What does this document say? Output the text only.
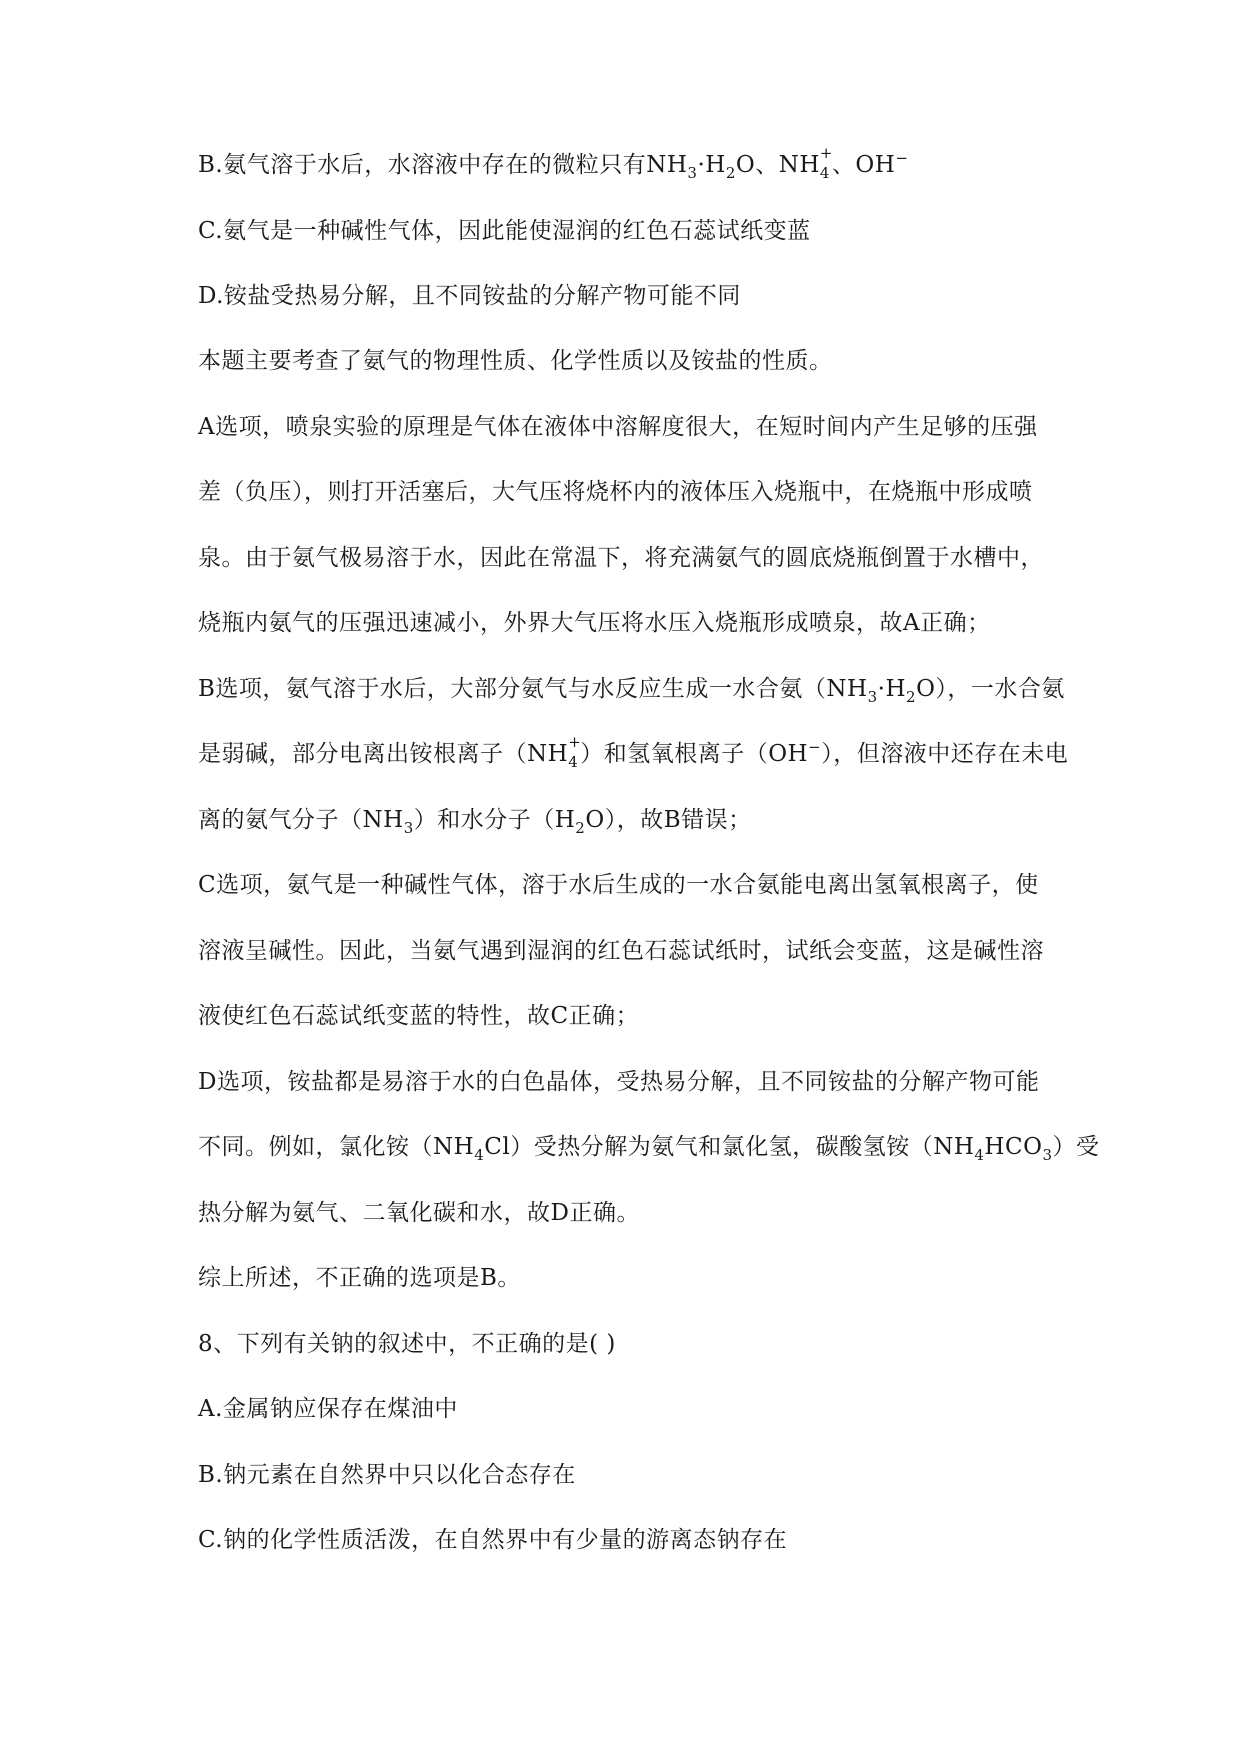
B.氨气溶于水后，水溶液中存在的微粒只有$NH_3\cdot H_2O$、NH +
4 、OH−
C.氨气是一种碱性气体，因此能使湿润的红色石蕊试纸变蓝
D.铵盐受热易分解，且不同铵盐的分解产物可能不同
本题主要考查了氨气的物理性质、化学性质以及铵盐的性质。
A选项，喷泉实验的原理是气体在液体中溶解度很大，在短时间内产生足够的压强
差（负压），则打开活塞后，大气压将烧杯内的液体压入烧瓶中，在烧瓶中形成喷
泉。由于氨气极易溶于水，因此在常温下，将充满氨气的圆底烧瓶倒置于水槽中，
烧瓶内氨气的压强迅速减小，外界大气压将水压入烧瓶形成喷泉，故A正确；
B选项，氨气溶于水后，大部分氨气与水反应生成一水合氨$(NH_3\cdot H_2O)$，一水合氨
是弱碱，部分电离出铵根离子（NH +
4 ）和氢氧根离子（OH−），但溶液中还存在未电
离的氨气分子$(NH_3)$和水分子$(H_2O)$，故B错误；
C选项，氨气是一种碱性气体，溶于水后生成的一水合氨能电离出氢氧根离子，使
溶液呈碱性。因此，当氨气遇到湿润的红色石蕊试纸时，试纸会变蓝，这是碱性溶
液使红色石蕊试纸变蓝的特性，故C正确；
D选项，铵盐都是易溶于水的白色晶体，受热易分解，且不同铵盐的分解产物可能
不同。例如，氯化铵$(NH_4Cl)$受热分解为氨气和氯化氢，碳酸氢铵$(NH_4HCO_3)$受
热分解为氨气、二氧化碳和水，故D正确。
综上所述，不正确的选项是B。
8、下列有关钠的叙述中，不正确的是( )
A.金属钠应保存在煤油中
B.钠元素在自然界中只以化合态存在
C.钠的化学性质活泼，在自然界中有少量的游离态钠存在
